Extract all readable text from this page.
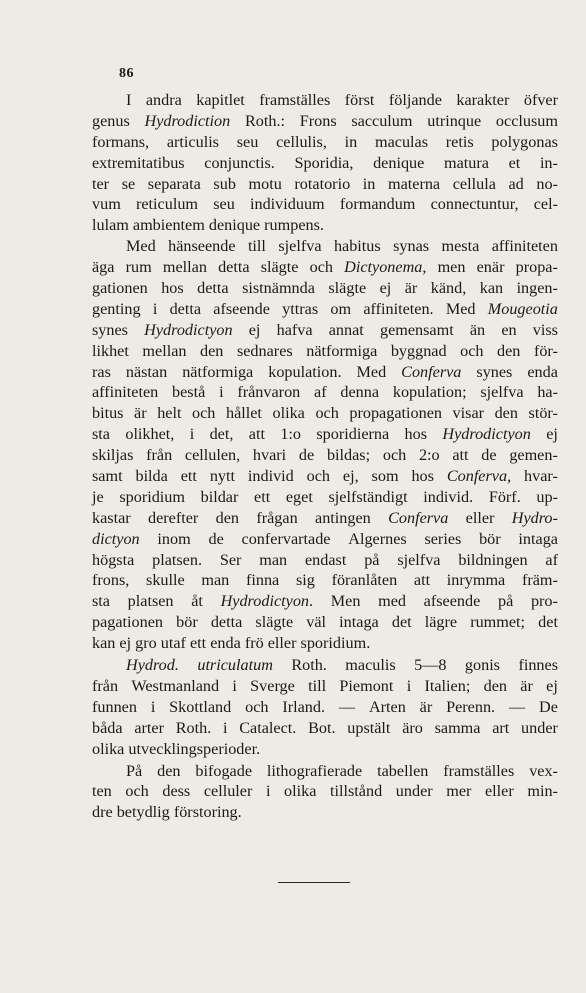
86
I andra kapitlet framställes först följande karakter öfver
genus Hydrodiction Roth.: Frons sacculum utrinque occlusum
formans, articulis seu cellulis, in maculas retis polygonas
extremitatibus conjunctis. Sporidia, denique matura et in-
ter se separata sub motu rotatorio in materna cellula ad no-
vum reticulum seu individuum formandum connectuntur, cel-
lulam ambientem denique rumpens.
Med hänseende till sjelfva habitus synas mesta affiniteten
äga rum mellan detta slägte och Dictyonema, men enär propa-
gationen hos detta sistnämnda slägte ej är känd, kan ingen-
genting i detta afseende yttras om affiniteten. Med Mougeotia
synes Hydrodictyon ej hafva annat gemensamt än en viss
likhet mellan den sednares nätformiga byggnad och den för-
ras nästan nätformiga kopulation. Med Conferva synes enda
affiniteten bestå i frånvaron af denna kopulation; sjelfva ha-
bitus är helt och hållet olika och propagationen visar den stör-
sta olikhet, i det, att 1:o sporidierna hos Hydrodictyon ej
skiljas från cellulen, hvari de bildas; och 2:o att de gemen-
samt bilda ett nytt individ och ej, som hos Conferva, hvar-
je sporidium bildar ett eget sjelfständigt individ. Förf. up-
kastar derefter den frågan antingen Conferva eller Hydro-
dictyon inom de confervartade Algernes series bör intaga
högsta platsen. Ser man endast på sjelfva bildningen af
frons, skulle man finna sig föranlåten att inrymma främ-
sta platsen åt Hydrodictyon. Men med afseende på pro-
pagationen bör detta slägte väl intaga det lägre rummet; det
kan ej gro utaf ett enda frö eller sporidium.
Hydrod. utriculatum Roth. maculis 5—8 gonis finnes
från Westmanland i Sverge till Piemont i Italien; den är ej
funnen i Skottland och Irland. — Arten är Perenn. — De
båda arter Roth. i Catalect. Bot. upstält äro samma art under
olika utvecklingsperioder.
På den bifogade lithografierade tabellen framställes vex-
ten och dess celluler i olika tillstånd under mer eller min-
dre betydlig förstoring.
